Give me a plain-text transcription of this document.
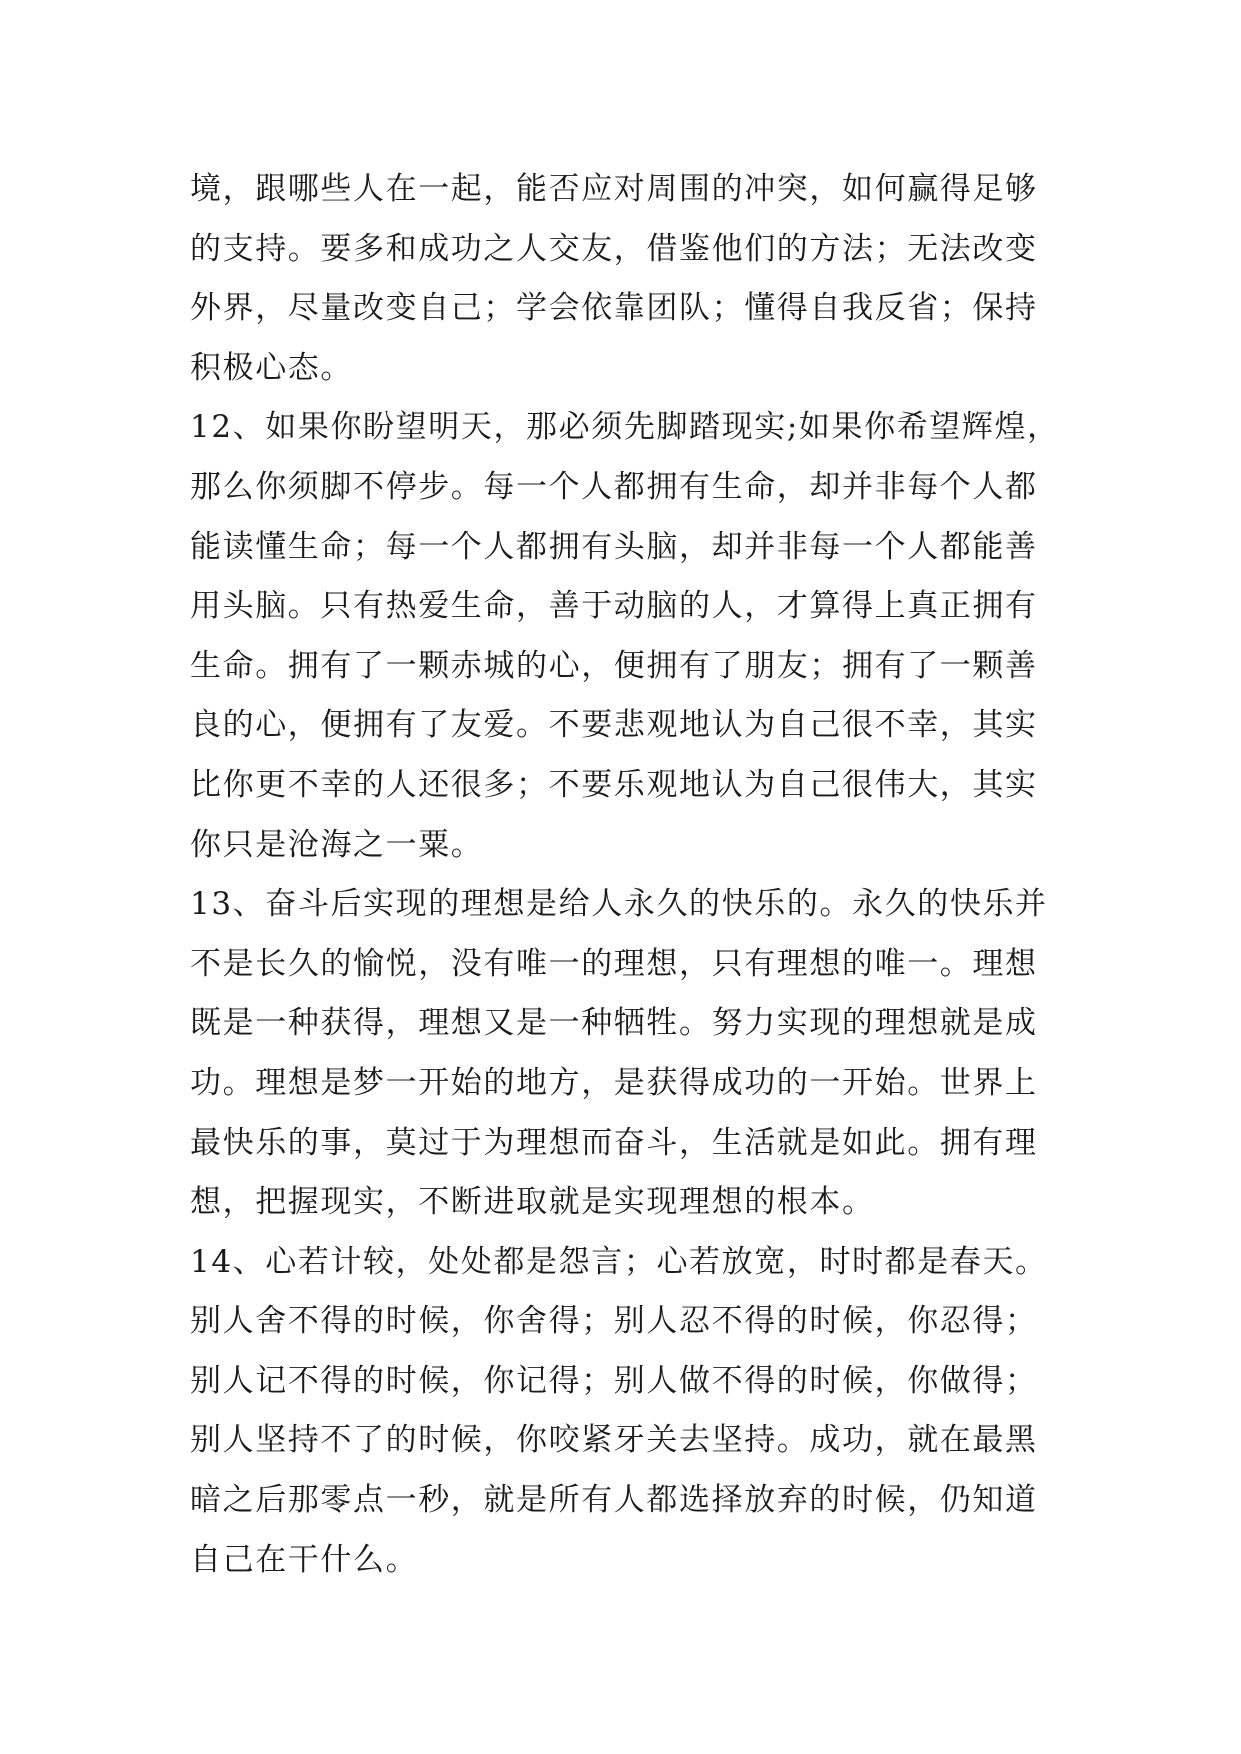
境，跟哪些人在一起，能否应对周围的冲突，如何赢得足够
的支持。要多和成功之人交友，借鉴他们的方法；无法改变
外界，尽量改变自己；学会依靠团队；懂得自我反省；保持
积极心态。
12、如果你盼望明天，那必须先脚踏现实;如果你希望辉煌，
那么你须脚不停步。每一个人都拥有生命，却并非每个人都
能读懂生命；每一个人都拥有头脑，却并非每一个人都能善
用头脑。只有热爱生命，善于动脑的人，才算得上真正拥有
生命。拥有了一颗赤城的心，便拥有了朋友；拥有了一颗善
良的心，便拥有了友爱。不要悲观地认为自己很不幸，其实
比你更不幸的人还很多；不要乐观地认为自己很伟大，其实
你只是沧海之一粟。
13、奋斗后实现的理想是给人永久的快乐的。永久的快乐并
不是长久的愉悦，没有唯一的理想，只有理想的唯一。理想
既是一种获得，理想又是一种牺牲。努力实现的理想就是成
功。理想是梦一开始的地方，是获得成功的一开始。世界上
最快乐的事，莫过于为理想而奋斗，生活就是如此。拥有理
想，把握现实，不断进取就是实现理想的根本。
14、心若计较，处处都是怨言；心若放宽，时时都是春天。
别人舍不得的时候，你舍得；别人忍不得的时候，你忍得；
别人记不得的时候，你记得；别人做不得的时候，你做得；
别人坚持不了的时候，你咬紧牙关去坚持。成功，就在最黑
暗之后那零点一秒，就是所有人都选择放弃的时候，仍知道
自己在干什么。
